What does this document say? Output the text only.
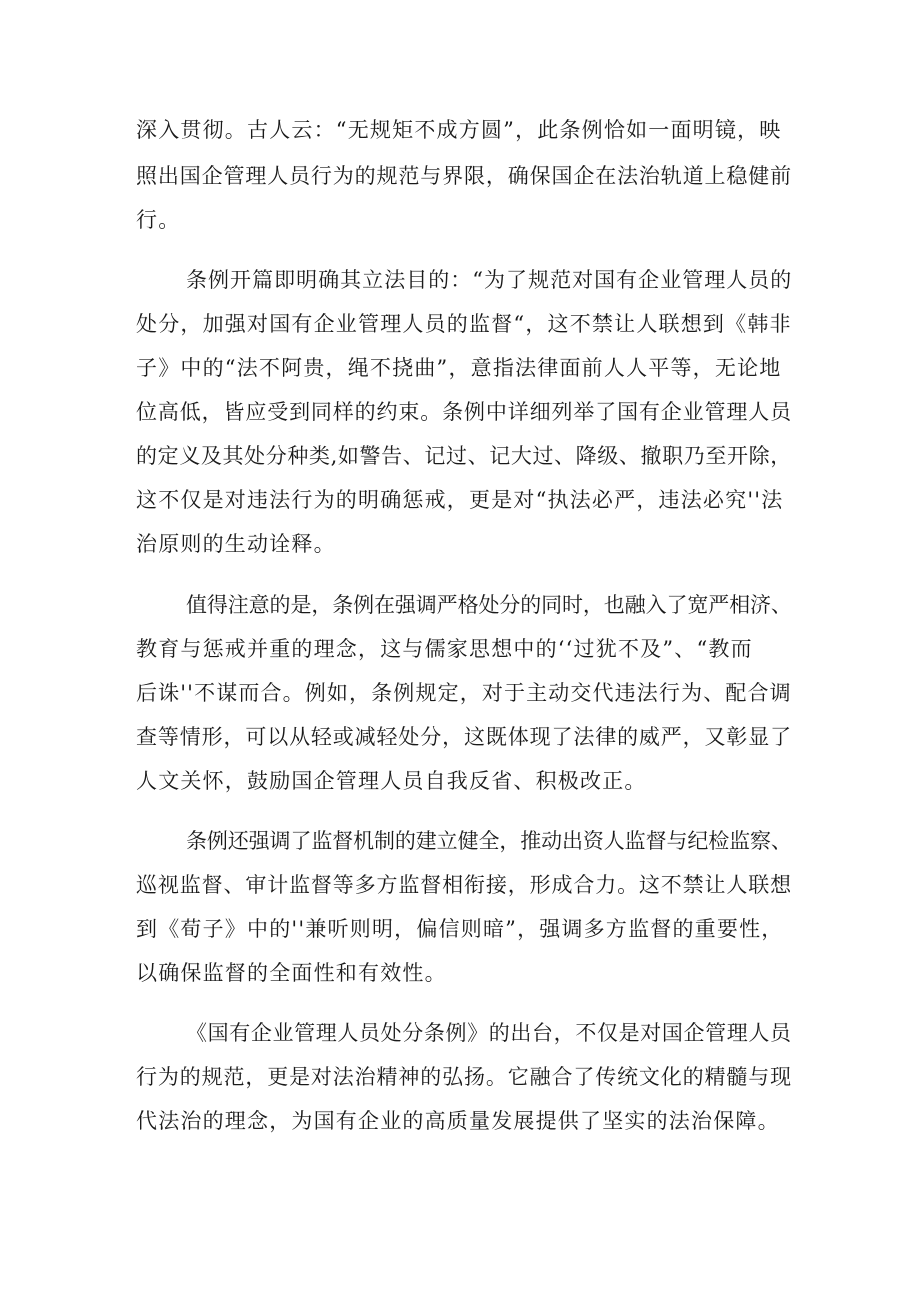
深入贯彻。古人云：“无规矩不成方圆”，此条例恰如一面明镜，映
照出国企管理人员行为的规范与界限，确保国企在法治轨道上稳健前
行。
条例开篇即明确其立法目的：“为了规范对国有企业管理人员的
处分，加强对国有企业管理人员的监督“，这不禁让人联想到《韩非
子》中的“法不阿贵，绳不挠曲”，意指法律面前人人平等，无论地
位高低，皆应受到同样的约束。条例中详细列举了国有企业管理人员
的定义及其处分种类,如警告、记过、记大过、降级、撤职乃至开除，
这不仅是对违法行为的明确惩戒，更是对“执法必严，违法必究''法
治原则的生动诠释。
值得注意的是，条例在强调严格处分的同时，也融入了宽严相济、
教育与惩戒并重的理念，这与儒家思想中的‘‘过犹不及”、“教而
后诛''不谋而合。例如，条例规定，对于主动交代违法行为、配合调
查等情形，可以从轻或减轻处分，这既体现了法律的威严，又彰显了
人文关怀，鼓励国企管理人员自我反省、积极改正。
条例还强调了监督机制的建立健全，推动出资人监督与纪检监察、
巡视监督、审计监督等多方监督相衔接，形成合力。这不禁让人联想
到《荀子》中的''兼听则明，偏信则暗”，强调多方监督的重要性，
以确保监督的全面性和有效性。
《国有企业管理人员处分条例》的出台，不仅是对国企管理人员
行为的规范，更是对法治精神的弘扬。它融合了传统文化的精髓与现
代法治的理念，为国有企业的高质量发展提供了坚实的法治保障。
